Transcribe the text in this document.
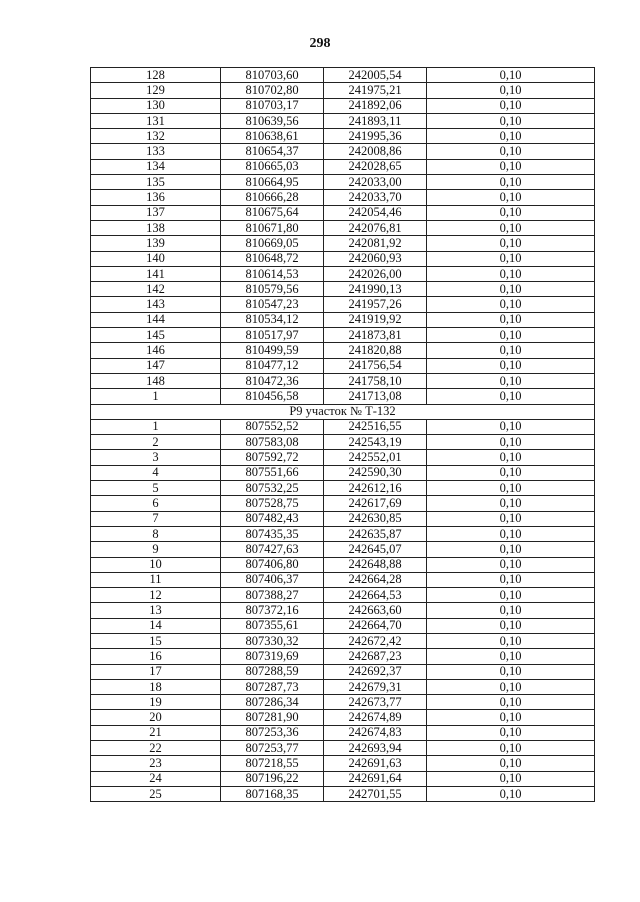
298
128	810703,60	242005,54	0,10
129	810702,80	241975,21	0,10
130	810703,17	241892,06	0,10
131	810639,56	241893,11	0,10
132	810638,61	241995,36	0,10
133	810654,37	242008,86	0,10
134	810665,03	242028,65	0,10
135	810664,95	242033,00	0,10
136	810666,28	242033,70	0,10
137	810675,64	242054,46	0,10
138	810671,80	242076,81	0,10
139	810669,05	242081,92	0,10
140	810648,72	242060,93	0,10
141	810614,53	242026,00	0,10
142	810579,56	241990,13	0,10
143	810547,23	241957,26	0,10
144	810534,12	241919,92	0,10
145	810517,97	241873,81	0,10
146	810499,59	241820,88	0,10
147	810477,12	241756,54	0,10
148	810472,36	241758,10	0,10
1	810456,58	241713,08	0,10
Р9 участок № Т-132			
1	807552,52	242516,55	0,10
2	807583,08	242543,19	0,10
3	807592,72	242552,01	0,10
4	807551,66	242590,30	0,10
5	807532,25	242612,16	0,10
6	807528,75	242617,69	0,10
7	807482,43	242630,85	0,10
8	807435,35	242635,87	0,10
9	807427,63	242645,07	0,10
10	807406,80	242648,88	0,10
11	807406,37	242664,28	0,10
12	807388,27	242664,53	0,10
13	807372,16	242663,60	0,10
14	807355,61	242664,70	0,10
15	807330,32	242672,42	0,10
16	807319,69	242687,23	0,10
17	807288,59	242692,37	0,10
18	807287,73	242679,31	0,10
19	807286,34	242673,77	0,10
20	807281,90	242674,89	0,10
21	807253,36	242674,83	0,10
22	807253,77	242693,94	0,10
23	807218,55	242691,63	0,10
24	807196,22	242691,64	0,10
25	807168,35	242701,55	0,10
